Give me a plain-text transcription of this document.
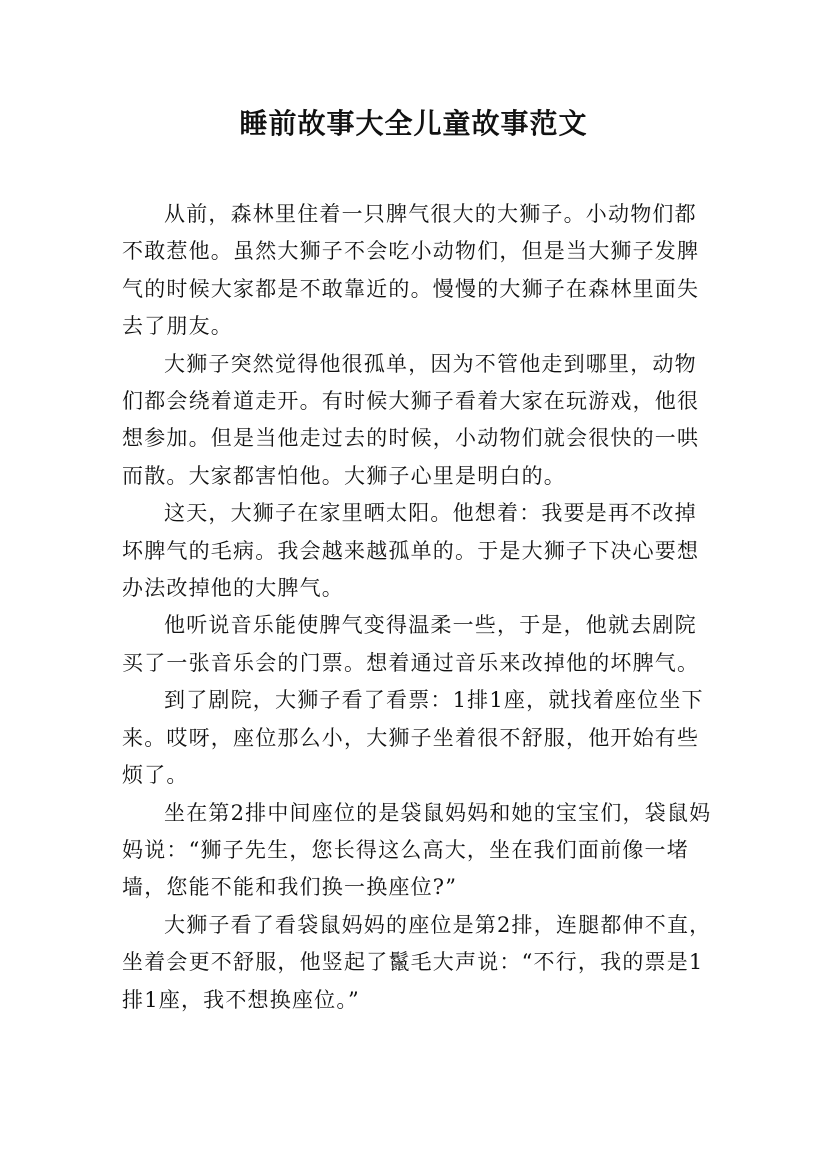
睡前故事大全儿童故事范文

从前，森林里住着一只脾气很大的大狮子。小动物们都不敢惹他。虽然大狮子不会吃小动物们，但是当大狮子发脾气的时候大家都是不敢靠近的。慢慢的大狮子在森林里面失去了朋友。

大狮子突然觉得他很孤单，因为不管他走到哪里，动物们都会绕着道走开。有时候大狮子看着大家在玩游戏，他很想参加。但是当他走过去的时候，小动物们就会很快的一哄而散。大家都害怕他。大狮子心里是明白的。

这天，大狮子在家里晒太阳。他想着：我要是再不改掉坏脾气的毛病。我会越来越孤单的。于是大狮子下决心要想办法改掉他的大脾气。

他听说音乐能使脾气变得温柔一些，于是，他就去剧院买了一张音乐会的门票。想着通过音乐来改掉他的坏脾气。

到了剧院，大狮子看了看票：1排1座，就找着座位坐下来。哎呀，座位那么小，大狮子坐着很不舒服，他开始有些烦了。

坐在第2排中间座位的是袋鼠妈妈和她的宝宝们，袋鼠妈妈说：“狮子先生，您长得这么高大，坐在我们面前像一堵墙，您能不能和我们换一换座位?”

大狮子看了看袋鼠妈妈的座位是第2排，连腿都伸不直，坐着会更不舒服，他竖起了鬣毛大声说：“不行，我的票是1排1座，我不想换座位。”
